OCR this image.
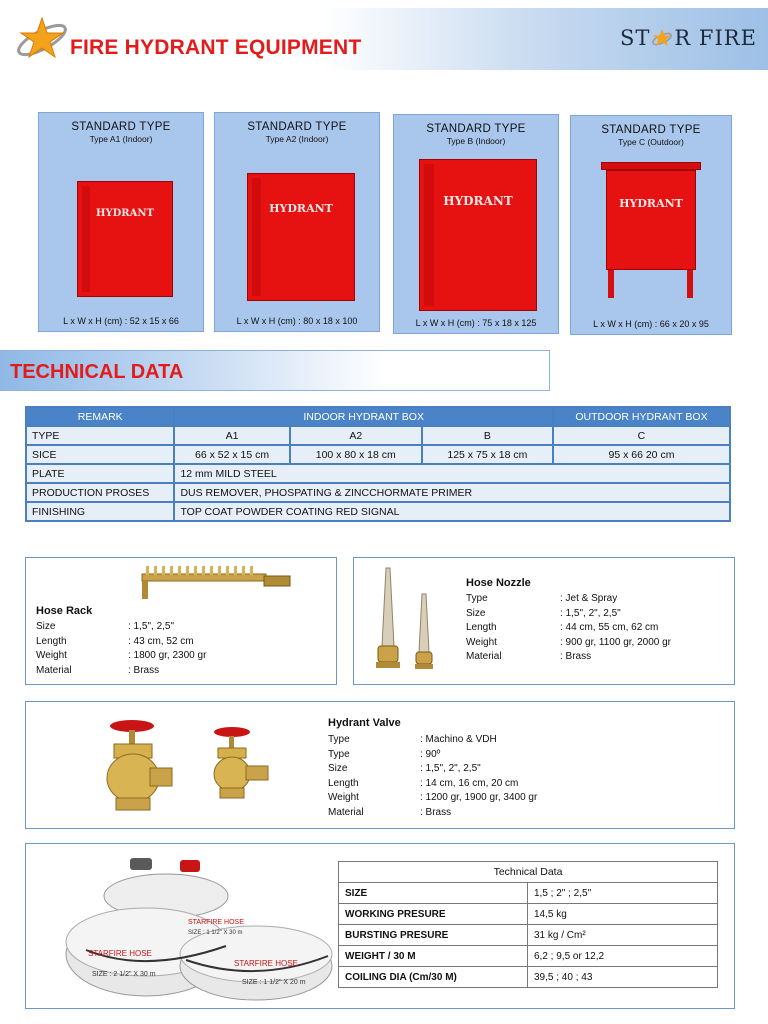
FIRE HYDRANT EQUIPMENT	ST R FIRE
STANDARD TYPE
Type A1 (Indoor)
HYDRANT
L x W x H (cm) : 52 x 15 x 66
STANDARD TYPE
Type A2 (Indoor)
HYDRANT
L x W x H (cm) : 80 x 18 x 100
STANDARD TYPE
Type B (Indoor)
HYDRANT
L x W x H (cm) : 75 x 18 x 125
STANDARD TYPE
Type C (Outdoor)
HYDRANT
L x W x H (cm) : 66 x 20 x 95
TECHNICAL DATA
REMARK	INDOOR HYDRANT BOX			OUTDOOR HYDRANT BOX
TYPE	A1	A2	B	C
SICE	66 x 52 x 15 cm	100 x 80 x 18 cm	125 x 75 x 18 cm	95 x 66 20 cm
PLATE	12 mm MILD STEEL			
PRODUCTION PROSES	DUS REMOVER, PHOSPATING & ZINCCHORMATE PRIMER			
FINISHING	TOP COAT POWDER COATING RED SIGNAL			
Hose Rack
Size	: 1,5", 2,5"
Length	: 43 cm, 52 cm
Weight	: 1800 gr, 2300 gr
Material	: Brass
Hose Nozzle
Type	: Jet & Spray
Size	: 1,5", 2", 2,5"
Length	: 44 cm, 55 cm, 62 cm
Weight	: 900 gr, 1100 gr, 2000 gr
Material	: Brass
Hydrant Valve
Type	: Machino & VDH
Type	: 90º
Size	: 1,5", 2", 2,5"
Length	: 14 cm, 16 cm, 20 cm
Weight	: 1200 gr, 1900 gr, 3400 gr
Material	: Brass
STARFIRE HOSE
SIZE : 1 1/2" X 30 m
STARFIRE HOSE
SIZE : 2 1/2" X 30 m
STARFIRE HOSE
SIZE : 1 1/2" X 20 m
Technical Data	
SIZE	1,5 ; 2" ; 2,5"
WORKING PRESURE	14,5 kg
BURSTING PRESURE	31 kg / Cm²
WEIGHT / 30 M	6,2 ; 9,5 or 12,2
COILING DIA (Cm/30 M)	39,5 ; 40 ; 43
